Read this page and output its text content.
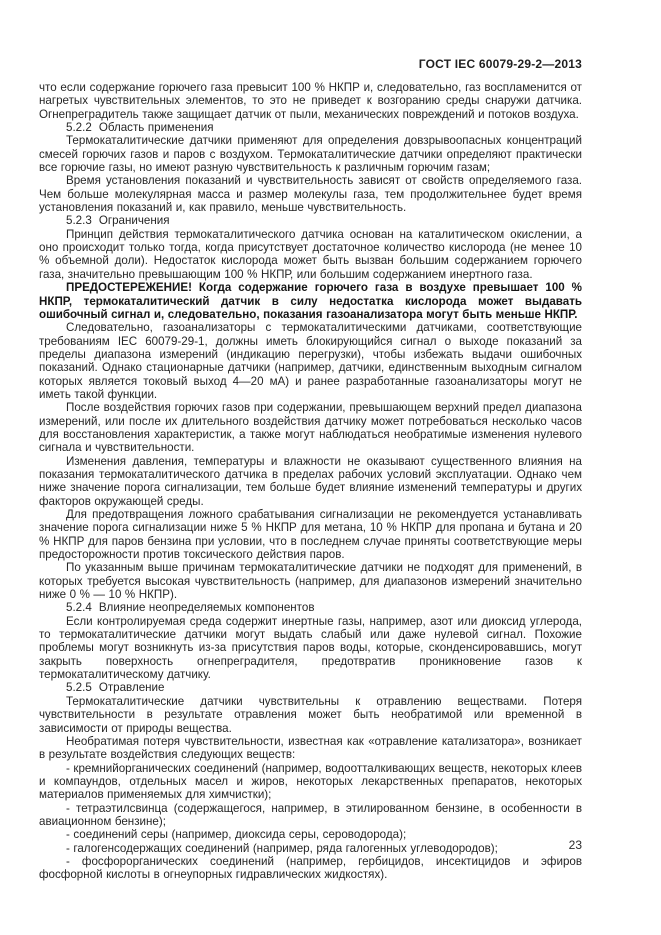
ГОСТ IEC 60079-29-2—2013

что если содержание горючего газа превысит 100 % НКПР и, следовательно, газ воспламенится от нагретых чувствительных элементов, то это не приведет к возгоранию среды снаружи датчика. Огнепреградитель также защищает датчик от пыли, механических повреждений и потоков воздуха.

5.2.2  Область применения

Термокаталитические датчики применяют для определения довзрывоопасных концентраций смесей горючих газов и паров с воздухом. Термокаталитические датчики определяют практически все горючие газы, но имеют разную чувствительность к различным горючим газам;

Время установления показаний и чувствительность зависят от свойств определяемого газа. Чем больше молекулярная масса и размер молекулы газа, тем продолжительнее будет время установления показаний и, как правило, меньше чувствительность.

5.2.3  Ограничения

Принцип действия термокаталитического датчика основан на каталитическом окислении, а оно происходит только тогда, когда присутствует достаточное количество кислорода (не менее 10 % объемной доли). Недостаток кислорода может быть вызван большим содержанием горючего газа, значительно превышающим 100 % НКПР, или большим содержанием инертного газа.

ПРЕДОСТЕРЕЖЕНИЕ! Когда содержание горючего газа в воздухе превышает 100 % НКПР, термокаталитический датчик в силу недостатка кислорода может выдавать ошибочный сигнал и, следовательно, показания газоанализатора могут быть меньше НКПР.

Следовательно, газоанализаторы с термокаталитическими датчиками, соответствующие требованиям IEC 60079-29-1, должны иметь блокирующийся сигнал о выходе показаний за пределы диапазона измерений (индикацию перегрузки), чтобы избежать выдачи ошибочных показаний. Однако стационарные датчики (например, датчики, единственным выходным сигналом которых является токовый выход 4—20 мА) и ранее разработанные газоанализаторы могут не иметь такой функции.

После воздействия горючих газов при содержании, превышающем верхний предел диапазона измерений, или после их длительного воздействия датчику может потребоваться несколько часов для восстановления характеристик, а также могут наблюдаться необратимые изменения нулевого сигнала и чувствительности.

Изменения давления, температуры и влажности не оказывают существенного влияния на показания термокаталитического датчика в пределах рабочих условий эксплуатации. Однако чем ниже значение порога сигнализации, тем больше будет влияние изменений температуры и других факторов окружающей среды.

Для предотвращения ложного срабатывания сигнализации не рекомендуется устанавливать значение порога сигнализации ниже 5 % НКПР для метана, 10 % НКПР для пропана и бутана и 20 % НКПР для паров бензина при условии, что в последнем случае приняты соответствующие меры предосторожности против токсического действия паров.

По указанным выше причинам термокаталитические датчики не подходят для применений, в которых требуется высокая чувствительность (например, для диапазонов измерений значительно ниже 0 % — 10 % НКПР).

5.2.4  Влияние неопределяемых компонентов

Если контролируемая среда содержит инертные газы, например, азот или диоксид углерода, то термокаталитические датчики могут выдать слабый или даже нулевой сигнал. Похожие проблемы могут возникнуть из-за присутствия паров воды, которые, сконденсировавшись, могут закрыть поверхность огнепреградителя, предотвратив проникновение газов к термокаталитическому датчику.

5.2.5  Отравление

Термокаталитические датчики чувствительны к отравлению веществами. Потеря чувствительности в результате отравления может быть необратимой или временной в зависимости от природы вещества.

Необратимая потеря чувствительности, известная как «отравление катализатора», возникает в результате воздействия следующих веществ:

- кремнийорганических соединений (например, водоотталкивающих веществ, некоторых клеев и компаундов, отдельных масел и жиров, некоторых лекарственных препаратов, некоторых материалов применяемых для химчистки);

- тетраэтилсвинца (содержащегося, например, в этилированном бензине, в особенности в авиационном бензине);

- соединений серы (например, диоксида серы, сероводорода);

- галогенсодержащих соединений (например, ряда галогенных углеводородов);

- фосфорорганических соединений (например, гербицидов, инсектицидов и эфиров фосфорной кислоты в огнеупорных гидравлических жидкостях).

23
